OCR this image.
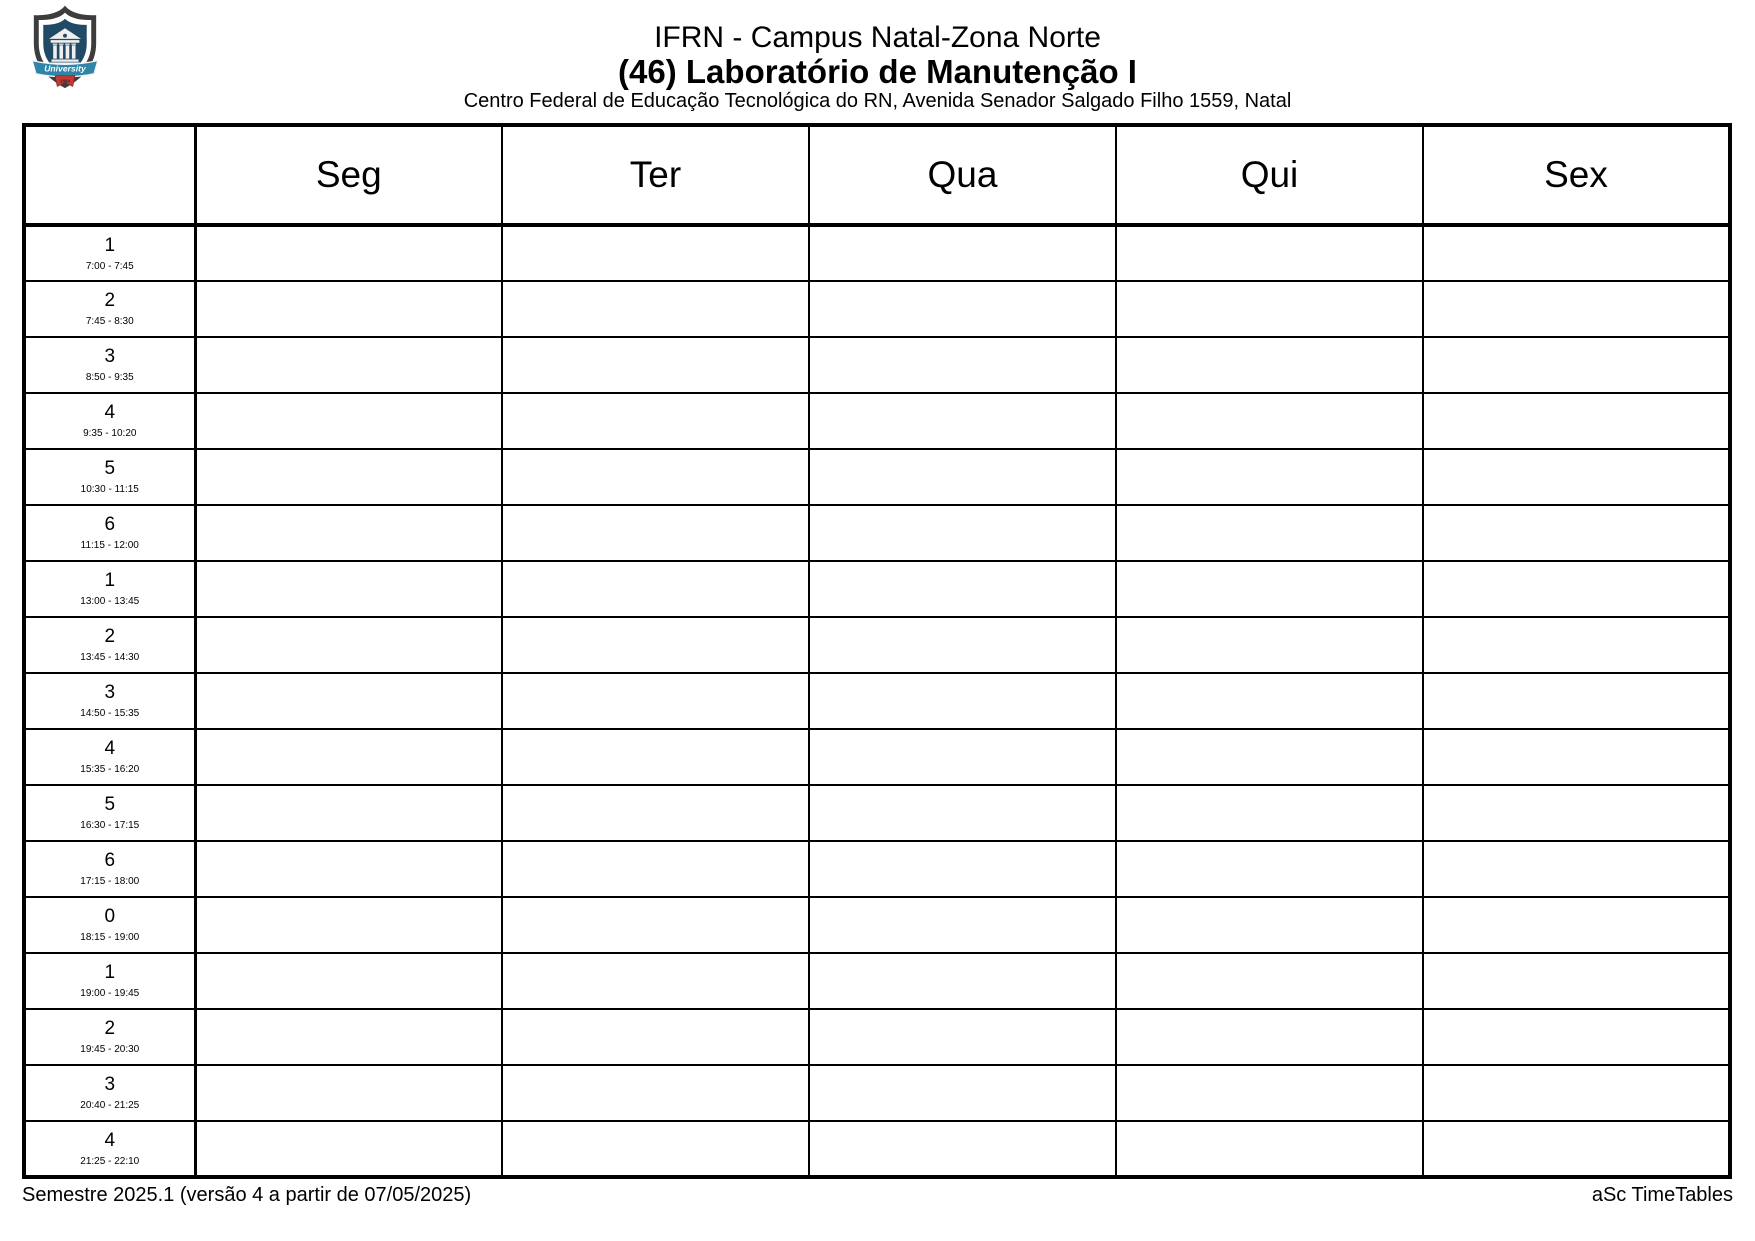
University
1864
IFRN - Campus Natal-Zona Norte
(46) Laboratório de Manutenção I
Centro Federal de Educação Tecnológica do RN, Avenida Senador Salgado Filho 1559, Natal
	Seg	Ter	Qua	Qui	Sex

1
7:00 - 7:45					

2
7:45 - 8:30					

3
8:50 - 9:35					

4
9:35 - 10:20					

5
10:30 - 11:15					

6
11:15 - 12:00					

1
13:00 - 13:45					

2
13:45 - 14:30					

3
14:50 - 15:35					

4
15:35 - 16:20					

5
16:30 - 17:15					

6
17:15 - 18:00					

0
18:15 - 19:00					

1
19:00 - 19:45					

2
19:45 - 20:30					

3
20:40 - 21:25					

4
21:25 - 22:10					

Semestre 2025.1 (versão 4 a partir de 07/05/2025)	aSc TimeTables
